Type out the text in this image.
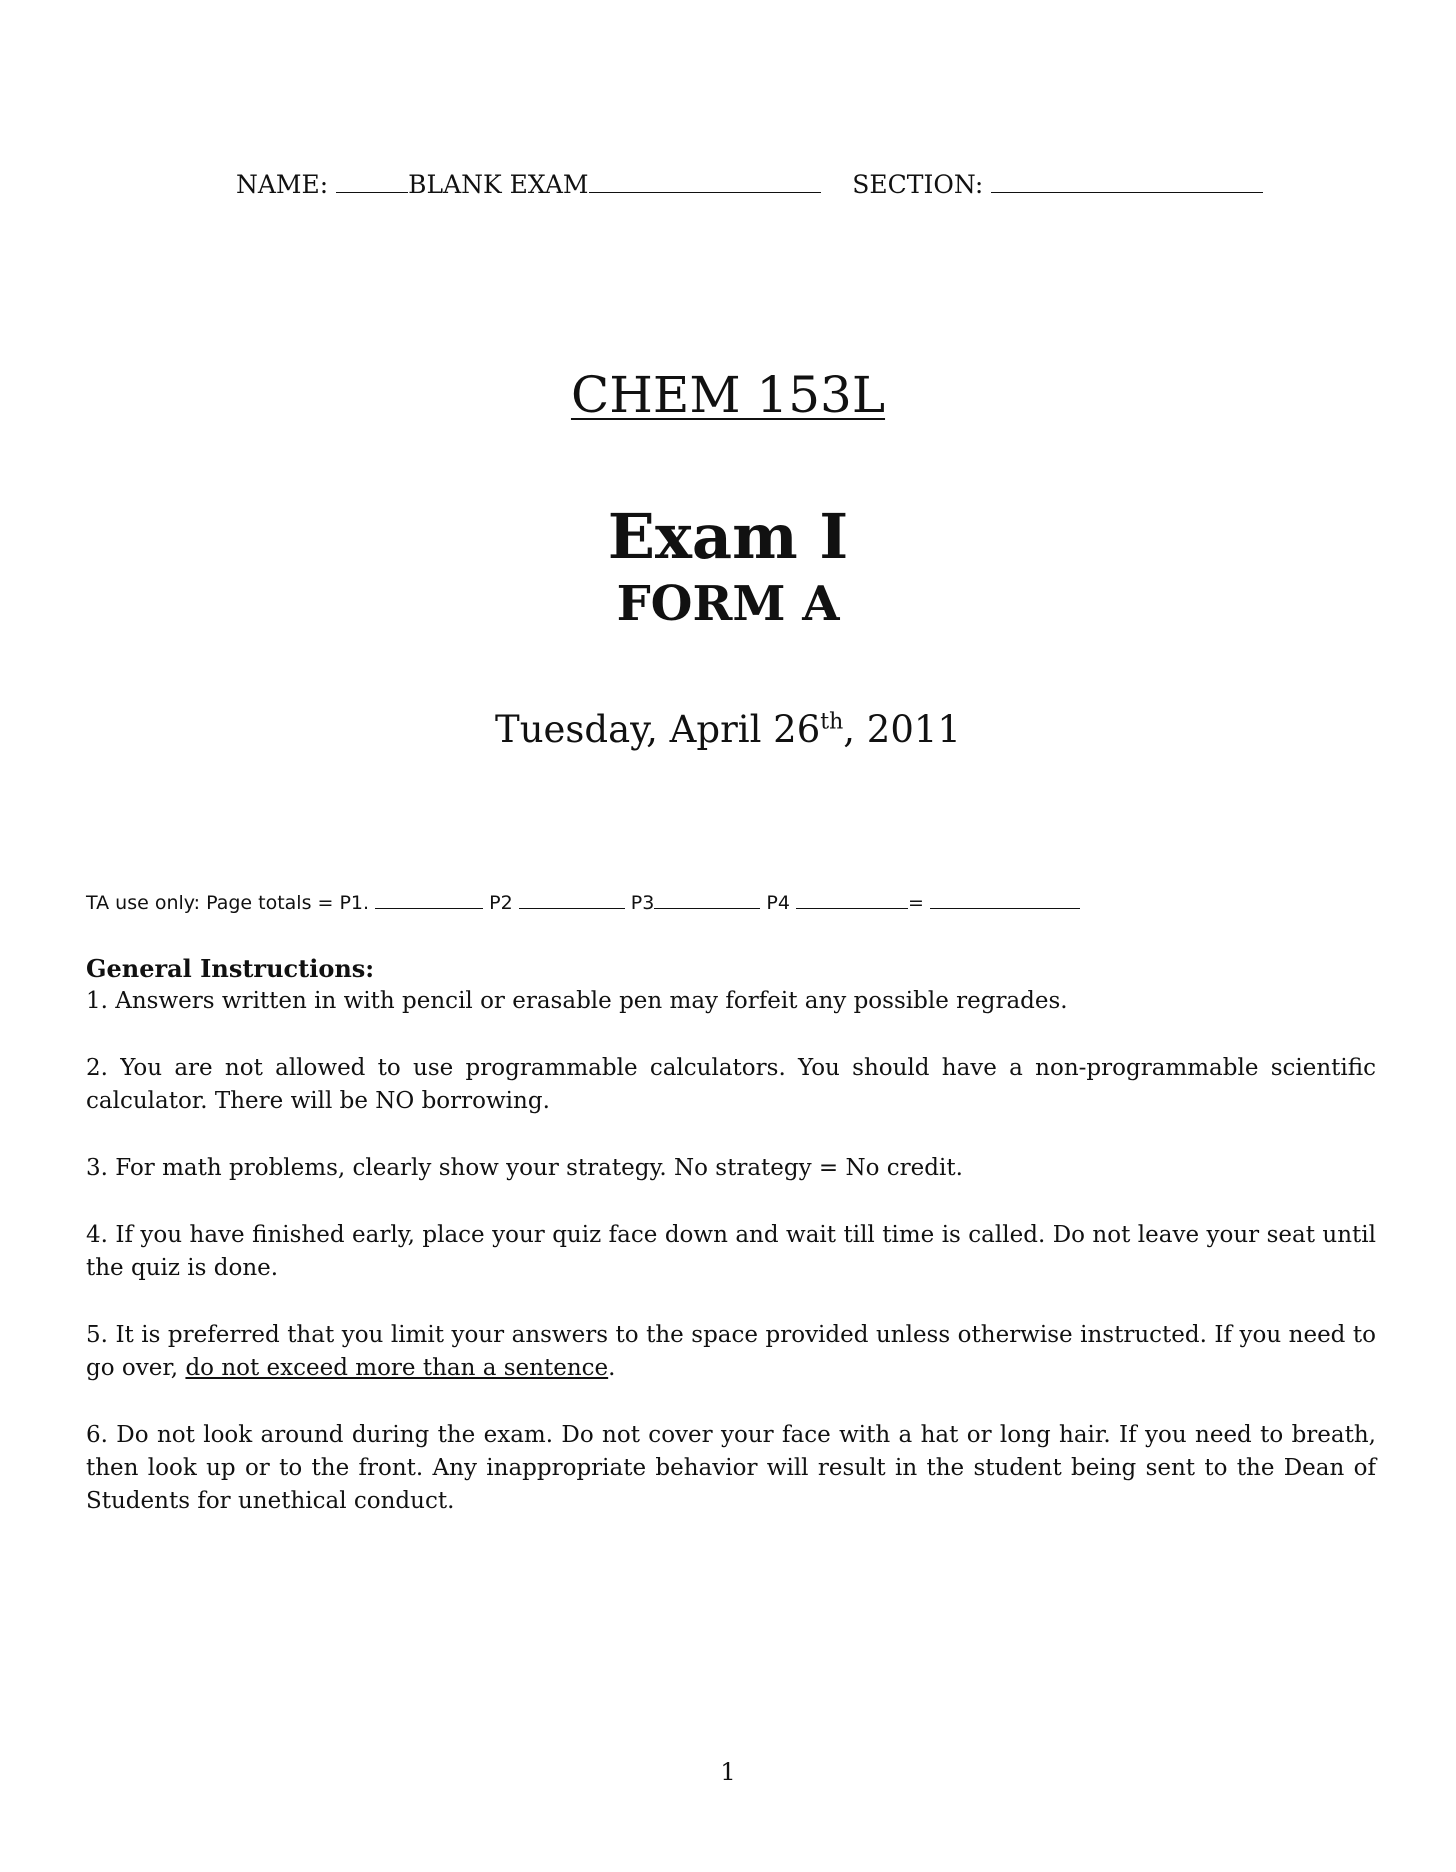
NAME:	BLANK EXAM	SECTION:
CHEM 153L
Exam I
FORM A
Tuesday, April 26th, 2011
TA use only: Page totals = P1.	P2	P3	P4	=
General Instructions:

1. Answers written in with pencil or erasable pen may forfeit any possible regrades.

2. You are not allowed to use programmable calculators. You should have a non-programmable scientific calculator. There will be NO borrowing.

3. For math problems, clearly show your strategy. No strategy = No credit.

4. If you have finished early, place your quiz face down and wait till time is called. Do not leave your seat until the quiz is done.

5. It is preferred that you limit your answers to the space provided unless otherwise instructed. If you need to go over, do not exceed more than a sentence.

6. Do not look around during the exam. Do not cover your face with a hat or long hair. If you need to breath, then look up or to the front. Any inappropriate behavior will result in the student being sent to the Dean of Students for unethical conduct.

1
